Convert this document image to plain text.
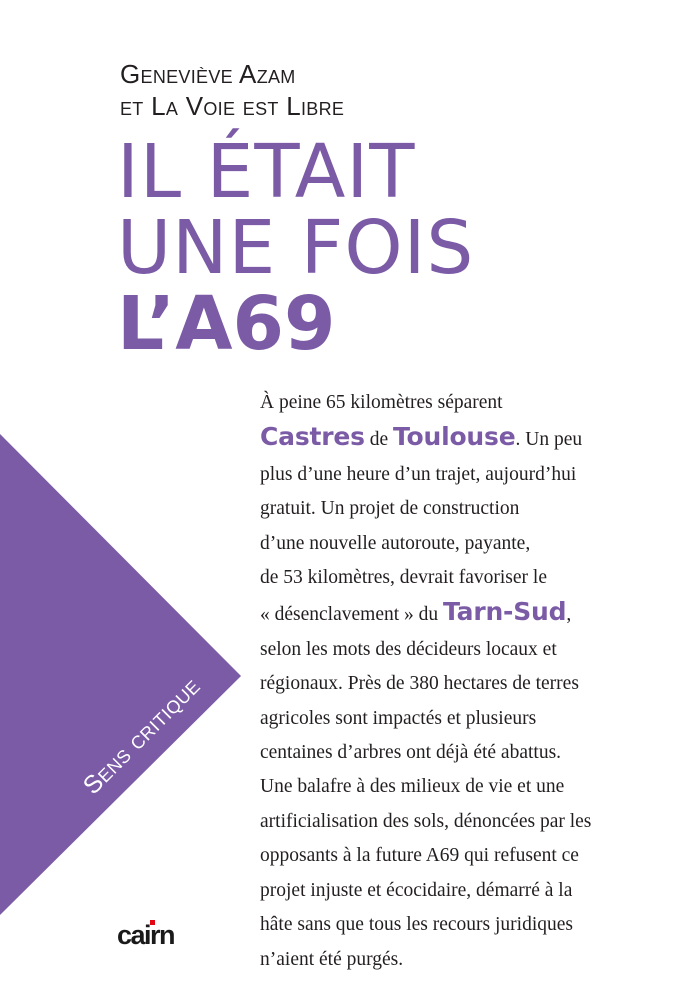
Geneviève Azam
et La Voie est Libre
IL ÉTAIT
UNE FOIS
L’A69
Sens critique
À peine 65 kilomètres séparent
Castres de Toulouse. Un peu
plus d’une heure d’un trajet, aujourd’hui
gratuit. Un projet de construction
d’une nouvelle autoroute, payante,
de 53 kilomètres, devrait favoriser le
« désenclavement » du Tarn-Sud,
selon les mots des décideurs locaux et
régionaux. Près de 380 hectares de terres
agricoles sont impactés et plusieurs
centaines d’arbres ont déjà été abattus.
Une balafre à des milieux de vie et une
artificialisation des sols, dénoncées par les
opposants à la future A69 qui refusent ce
projet injuste et écocidaire, démarré à la
hâte sans que tous les recours juridiques
n’aient été purgés.
cairn
